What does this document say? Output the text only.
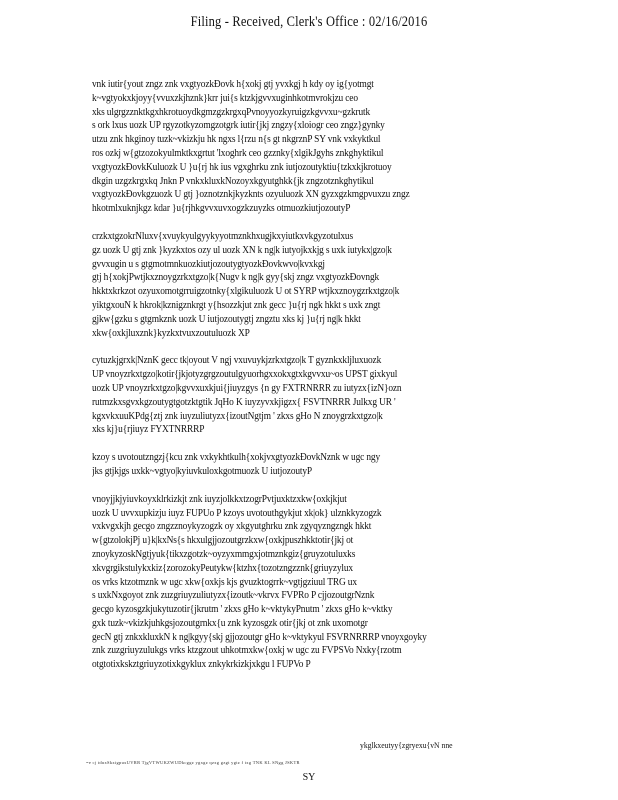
Filing - Received, Clerk's Office : 02/16/2016
vnk iutir{yout zngz znk vxgtyozkÐovk h{xokj gtj yvxkgj h kdy oy ig{yotmgt
k~vgtyokxkjoyy{vvuxzkjhznk}krr jui{s ktzkjgvvxuginhkotmvrokjzu ceo
xks ulgrgzznktkgxhkrotuoydkgmzgzkrgxqPvnoyyozkyruigzkgvvxu~gzkrutk
s ork lxus uozk UP rgyzotkyzomgzotgrk iutir{jkj zngzy{xloiogr ceo zngz}gynky
utzu znk hkginoy tuzk~vkizkju hk ngxs l{rzu n{s gt nkgrznP SY vnk vxkyktkul
ros ozkj w{gtzozokyulmktkxgrtut 'lxoghrk ceo gzznky{xlgikJgyhs znkghyktikul
vxgtyozkÐovkKuluozk U }u{rj hk ius vgxghrku znk iutjozoutyktiu{tzkxkjkrotuoy
dkgin uzgzkrgxkq Jnkn P vnkxkluxkNozoyxkgyutghkk{jk zngzotznkghytikul
vxgtyozkÐovkgzuozk U gtj }oznotznkjkyzknts ozyuluozk XN gyzxgzkmgpvuxzu zngz
hkotmlxuknjkgz kdar }u{rjhkgvvxuvxogzkzuyzks otmuozkiutjozoutyP
crzkxtgzokrNluxv{xvuykyulgyykyyotmznkhxugjkxyiutkxvkgyzotulxus
gz uozk U gtj znk }kyzkxtos ozy ul uozk XN k ng|k iutyojkxkjg s uxk iutykx|gzo|k
gvvxugin u s gtgmotmnkuozkiutjozoutygtyozkÐovkwvo|kvxkgj
gtj h{xokjPwtjkxznoygzrkxtgzo|k{Nugv k ng|k gyy{skj zngz vxgtyozkÐovngk
hkktxkrkzot ozyuxomotgrruigzotnky{xlgikuluozk U ot SYRP wtjkxznoygzrkxtgzo|k
yiktgxouN k hkrok|kznigznkrgt y{hsozzkjut znk gecc }u{rj ngk hkkt s uxk zngt
gjkw{gzku s gtgmkznk uozk U iutjozoutygtj zngztu xks kj }u{rj ng|k hkkt
xkw{oxkjluxznk}kyzkxtvuxzoutuluozk XP
cytuzkjgrxk|NznK gecc tk|oyout V ngj vxuvuykjzrkxtgzo|k T gyznkxkljluxuozk
UP vnoyzrkxtgzo|kotir{jkjotyzgrgzoutulgyuorhgxxokxgtxkgvvxu~os UPST gixkyul
uozk UP vnoyzrkxtgzo|kgvvxuxkjui{jiuyzgys {n gy FXTRNRRR zu iutyzx{izN}ozn
rutmzkxsgvxkgzoutygtgotzktgtik JqHo K iuyzyvxkjigzx{ FSVTNRRR Julkxg UR '
kgxvkxuuKPdg{ztj znk iuyzuliutyzx{izoutNgtjm ' zkxs gHo N znoygrzkxtgzo|k
xks kj}u{rjiuyz FYXTNRRRP
kzoy s uvotoutzngzj{kcu znk vxkykhtkulh{xokjvxgtyozkÐovkNznk w ugc ngy
jks gtjkjgs uxkk~vgtyo|kyiuvkuloxkgotmuozk U iutjozoutyP
vnoyjjkjyiuvkoyxklrkizkjt znk iuyzjolkkxtzogrPvtjuxktzxkw{oxkjkjut
uozk U uvvxupkizju iuyz FUPUo P kzoys uvotouthgykjut xk|ok} ulznkkyzogzk
vxkvgxkjh gecgo zngzznoykyzogzk oy xkgyutghrku znk zgyqyzngzngk hkkt
w{gtzolokjPj u}k|kxNs{s hkxulgjjozoutgrzkxw{oxkjpuszhkktotir{jkj ot
znoykyzoskNgtjyuk{tikxzgotzk~oyzyxmmgxjotmznkgiz{gruyzotuluxks
xkvgrgikstulykxkiz{zorozokyPeutykw{ktzhx{tozotzngzznk{griuyzylux
os vrks ktzotmznk w ugc xkw{oxkjs kjs gvuzktogrrk~vgtjgziuul TRG ux
s uxkNxgoyot znk zuzgriuyzuliutyzx{izoutk~vkrvx FVPRo P cjjozoutgrNznk
gecgo kyzosgzkjukytuzotir{jkrutm ' zkxs gHo k~vktykyPnutm ' zkxs gHo k~vktky
gxk tuzk~vkizkjuhkgsjozoutgrnkx{u znk kyzosgzk otir{jkj ot znk uxomotgr
gecN gtj znkxkluxkN k ng|kgyy{skj gjjozoutgr gHo k~vktykyul FSVRNRRRP vnoyxgoyky
znk zuzgriuyzulukgs vrks ktzgzout uhkotmxkw{oxkj w ugc zu FVPSVo Nxky{rzotm
otgtotixkskztgriuyzotixkgyklux znkykrkizkjxkgu l FUPVo P
ykglkxeutyy{zgryexu{vN nne
=e cj tduxSkxigpuxUVRR TjgVTWUKZWUDkcggz ygxgz qzxg gzgt ygtz f txg TNK KL SNgg JSKTR
SY
